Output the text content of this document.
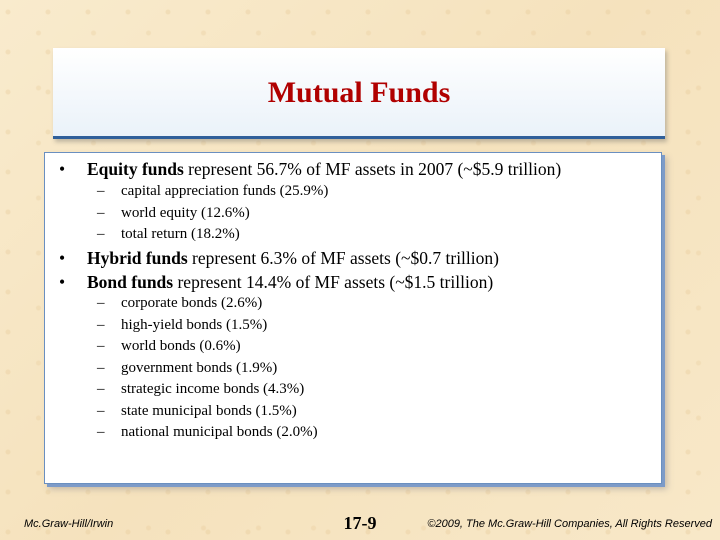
Mutual Funds
• Equity funds represent 56.7% of MF assets in 2007 (~$5.9 trillion)
– capital appreciation funds (25.9%)
– world equity (12.6%)
– total return (18.2%)
• Hybrid funds represent 6.3% of MF assets (~$0.7 trillion)
• Bond funds represent 14.4% of MF assets (~$1.5 trillion)
– corporate bonds (2.6%)
– high-yield bonds (1.5%)
– world bonds (0.6%)
– government bonds (1.9%)
– strategic income bonds (4.3%)
– state municipal bonds (1.5%)
– national municipal bonds (2.0%)
Mc.Graw-Hill/Irwin	17-9	©2009, The Mc.Graw-Hill Companies, All Rights Reserved
